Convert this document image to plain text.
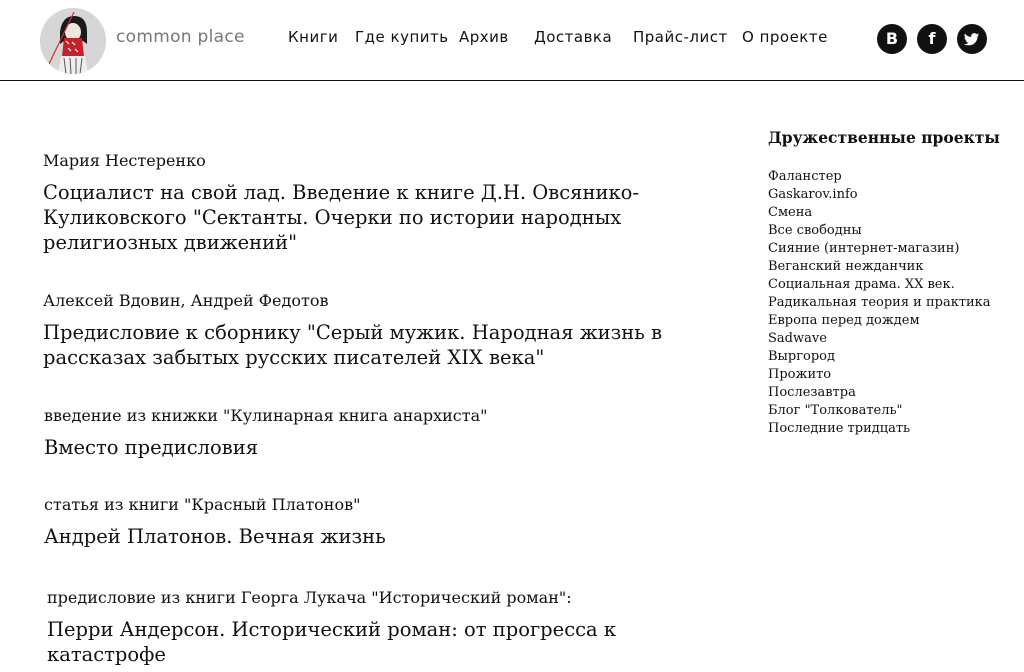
common place	Книги Где купить Архив Доставка Прайс-лист О проекте	B	f

Мария Нестеренко

Социалист на свой лад. Введение к книге Д.Н. Овсянико-Куликовского "Сектанты. Очерки по истории народных религиозных движений"

Алексей Вдовин, Андрей Федотов

Предисловие к сборнику "Серый мужик. Народная жизнь в рассказах забытых русских писателей XIX века"

введение из книжки "Кулинарная книга анархиста"

Вместо предисловия

статья из книги "Красный Платонов"

Андрей Платонов. Вечная жизнь

предисловие из книги Георга Лукача "Исторический роман":

Перри Андерсон. Исторический роман: от прогресса к катастрофе
Дружественные проекты
Фаланстер
Gaskarov.info
Смена
Все свободны
Сияние (интернет-магазин)
Веганский нежданчик
Социальная драма. XX век.
Радикальная теория и практика
Европа перед дождем
Sadwave
Выргород
Прожито
Послезавтра
Блог "Толкователь"
Последние тридцать
